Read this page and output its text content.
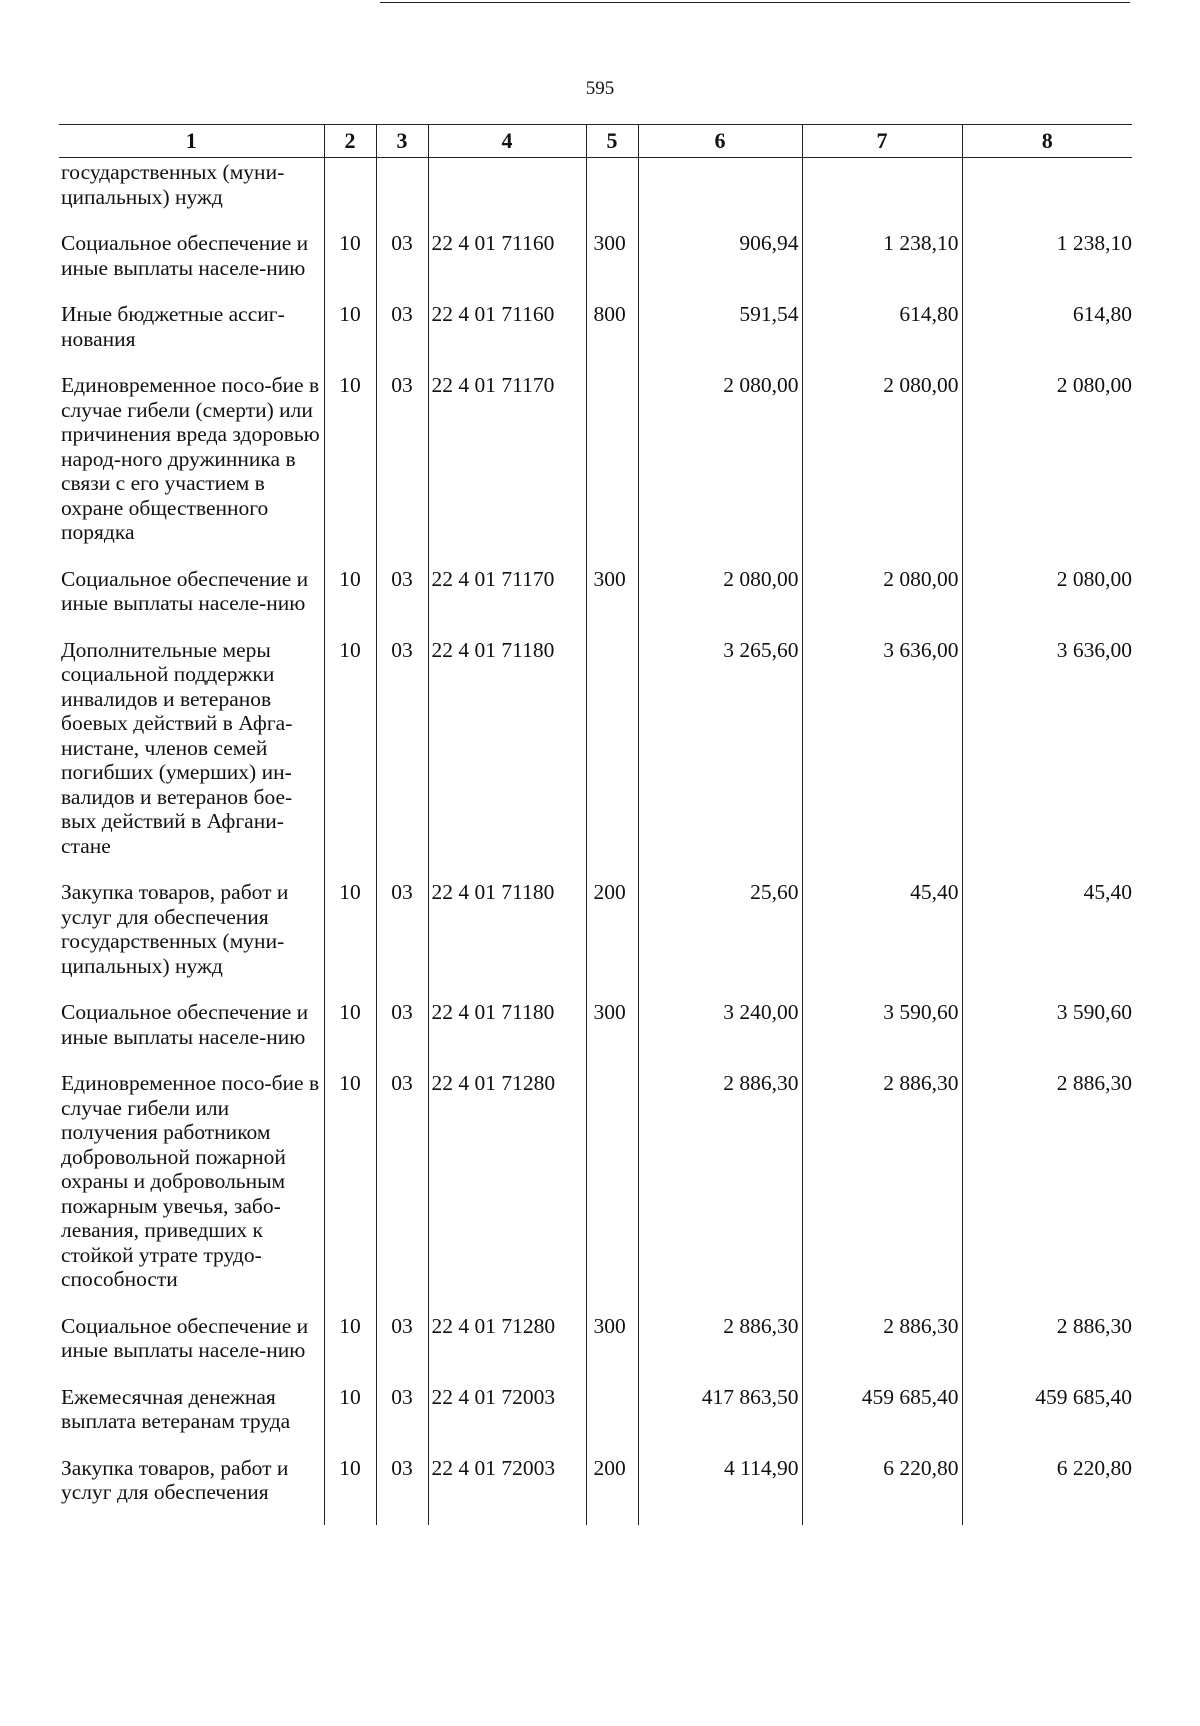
595
1	2	3	4	5	6	7	8
государственных (муни-ципальных) нужд							

Социальное обеспечение и иные выплаты населе-нию	10	03	22 4 01 71160	300	906,94	1 238,10	1 238,10

Иные бюджетные ассиг-нования	10	03	22 4 01 71160	800	591,54	614,80	614,80

Единовременное посо-бие в случае гибели (смерти) или причинения вреда здоровью народ-ного дружинника в связи с его участием в охране общественного порядка	10	03	22 4 01 71170		2 080,00	2 080,00	2 080,00

Социальное обеспечение и иные выплаты населе-нию	10	03	22 4 01 71170	300	2 080,00	2 080,00	2 080,00

Дополнительные меры социальной поддержки инвалидов и ветеранов боевых действий в Афга-нистане, членов семей погибших (умерших) ин-валидов и ветеранов бое-вых действий в Афгани-стане	10	03	22 4 01 71180		3 265,60	3 636,00	3 636,00

Закупка товаров, работ и услуг для обеспечения государственных (муни-ципальных) нужд	10	03	22 4 01 71180	200	25,60	45,40	45,40

Социальное обеспечение и иные выплаты населе-нию	10	03	22 4 01 71180	300	3 240,00	3 590,60	3 590,60

Единовременное посо-бие в случае гибели или получения работником добровольной пожарной охраны и добровольным пожарным увечья, забо-левания, приведших к стойкой утрате трудо-способности	10	03	22 4 01 71280		2 886,30	2 886,30	2 886,30

Социальное обеспечение и иные выплаты населе-нию	10	03	22 4 01 71280	300	2 886,30	2 886,30	2 886,30

Ежемесячная денежная выплата ветеранам труда	10	03	22 4 01 72003		417 863,50	459 685,40	459 685,40

Закупка товаров, работ и услуг для обеспечения	10	03	22 4 01 72003	200	4 114,90	6 220,80	6 220,80
